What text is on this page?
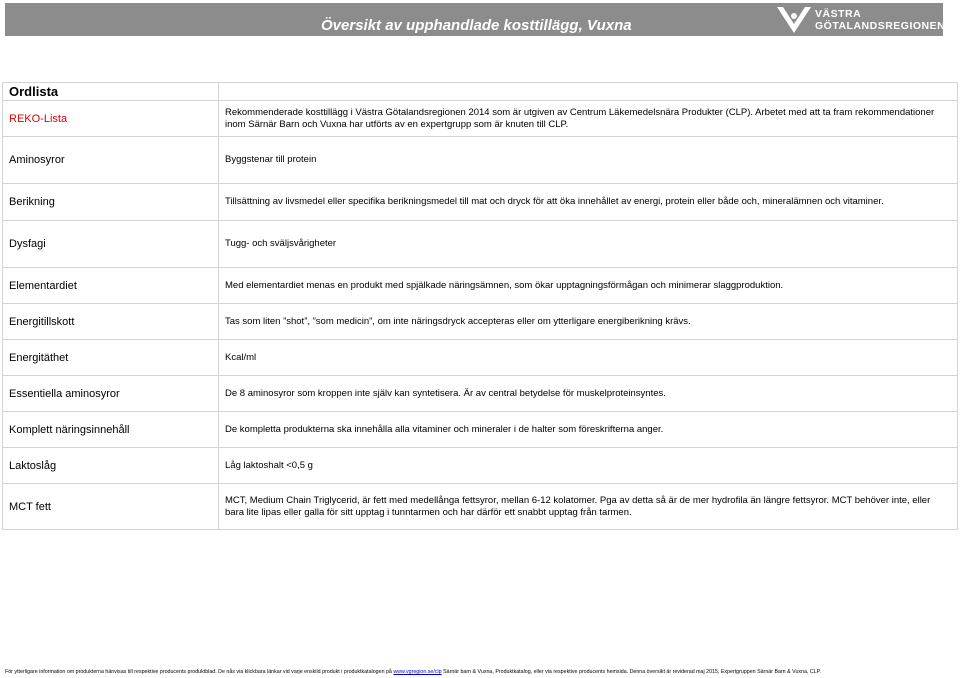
Översikt av upphandlade kosttillägg, Vuxna
VÄSTRA
GÖTALANDSREGIONEN
Ordlista	
REKO-Lista	Rekommenderade kosttillägg i Västra Götalandsregionen 2014 som är utgiven av Centrum Läkemedelsnära Produkter (CLP). Arbetet med att ta fram rekommendationer inom Särnär Barn och Vuxna har utförts av en expertgrupp som är knuten till CLP.
Aminosyror	Byggstenar till protein
Berikning	Tillsättning av livsmedel eller specifika berikningsmedel till mat och dryck för att öka innehållet av energi, protein eller både och, mineralämnen och vitaminer.
Dysfagi	Tugg- och sväljsvårigheter
Elementardiet	Med elementardiet menas en produkt med spjälkade näringsämnen, som ökar upptagningsförmågan och minimerar slaggproduktion.
Energitillskott	Tas som liten ”shot”, ”som medicin”, om inte näringsdryck accepteras eller om ytterligare energiberikning krävs.
Energitäthet	Kcal/ml
Essentiella aminosyror	De 8 aminosyror som kroppen inte själv kan syntetisera. Är av central betydelse för muskelproteinsyntes.
Komplett näringsinnehåll	De kompletta produkterna ska innehålla alla vitaminer och mineraler i de halter som föreskrifterna anger.
Laktoslåg	Låg laktoshalt <0,5 g
MCT fett	MCT, Medium Chain Triglycerid, är fett med medellånga fettsyror, mellan 6-12 kolatomer. Pga av detta så är de mer hydrofila än längre fettsyror. MCT behöver inte, eller bara lite lipas eller galla för sitt upptag i tunntarmen och har därför ett snabbt upptag från tarmen.
För ytterligare information om produkterna hänvisas till respektive producents produktblad. De nås via klickbara länkar vid varje enskild produkt i produktkatalogen på www.vgregion.se/clp Särnär barn & Vuxna, Produktkatalog, eller via respektive producents hemsida. Denna översikt är reviderad maj 2015, Expertgruppen Särnär Barn & Vuxna, CLP.
